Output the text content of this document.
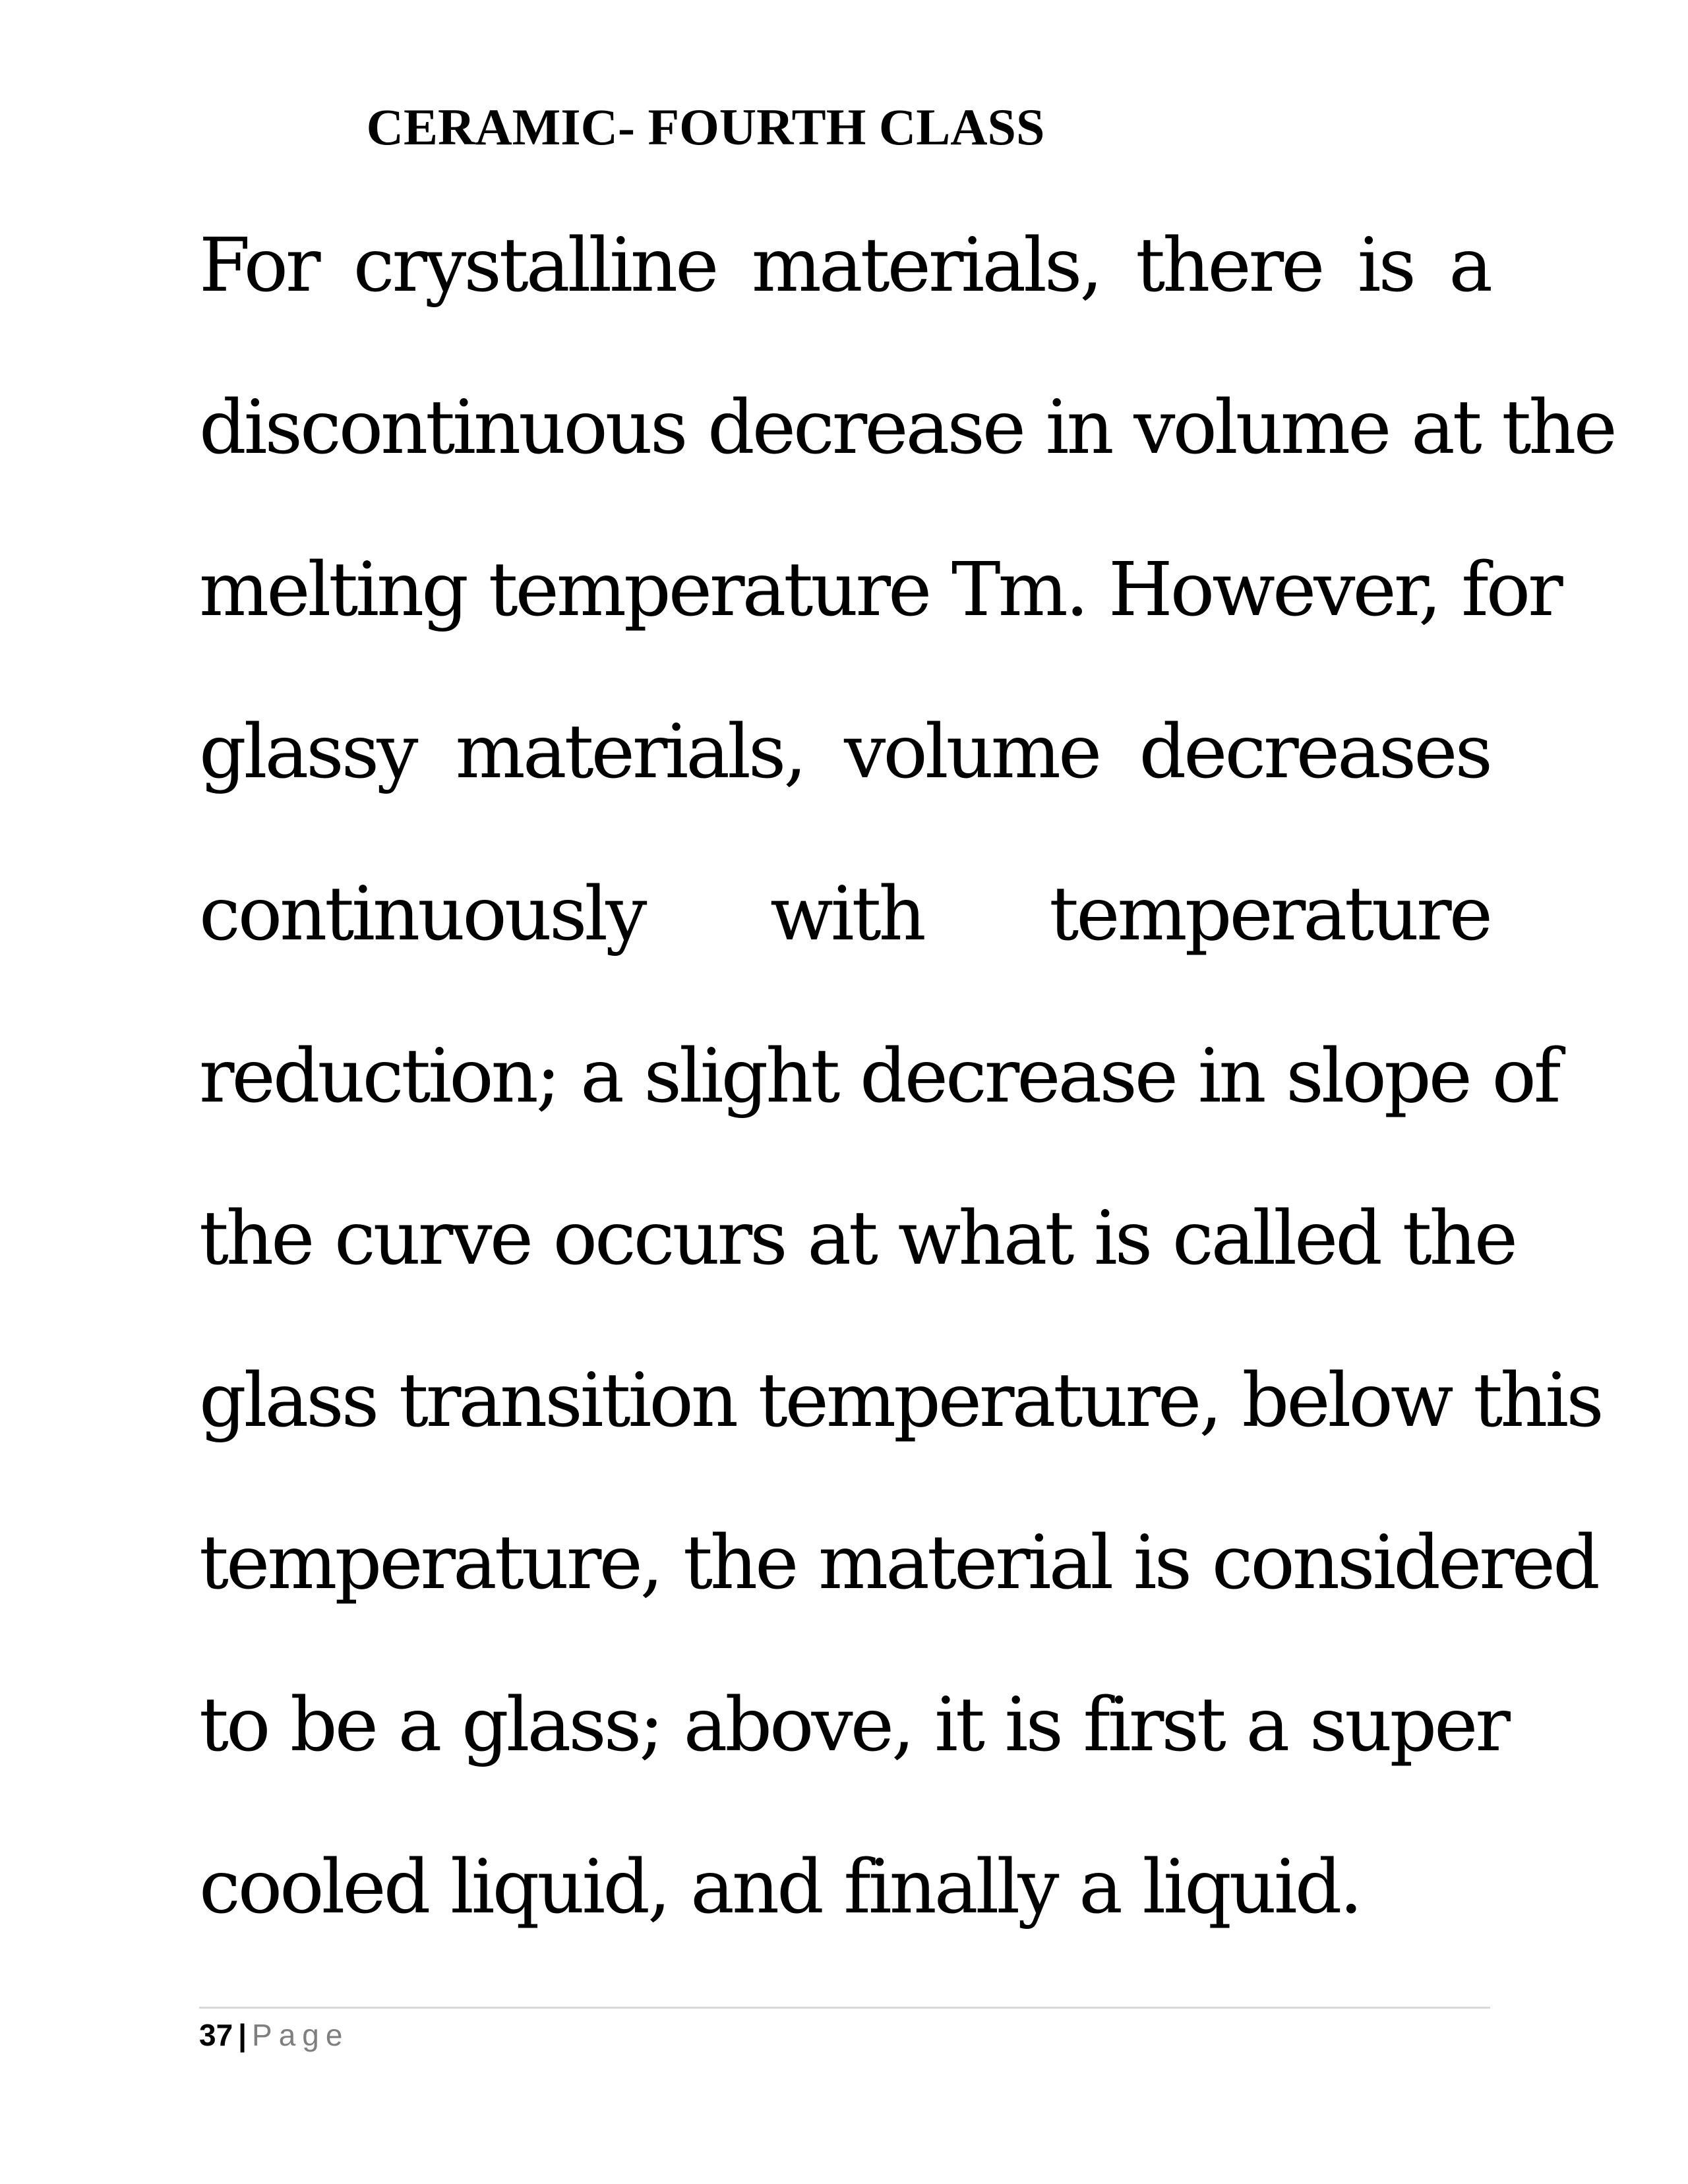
CERAMIC- FOURTH CLASS
For crystalline materials, there is a
discontinuous decrease in volume at the
melting temperature Tm. However, for
glassy materials, volume decreases
continuously with temperature
reduction; a slight decrease in slope of
the curve occurs at what is called the
glass transition temperature, below this
temperature, the material is considered
to be a glass; above, it is first a super
cooled liquid, and finally a liquid.
37 | Page
